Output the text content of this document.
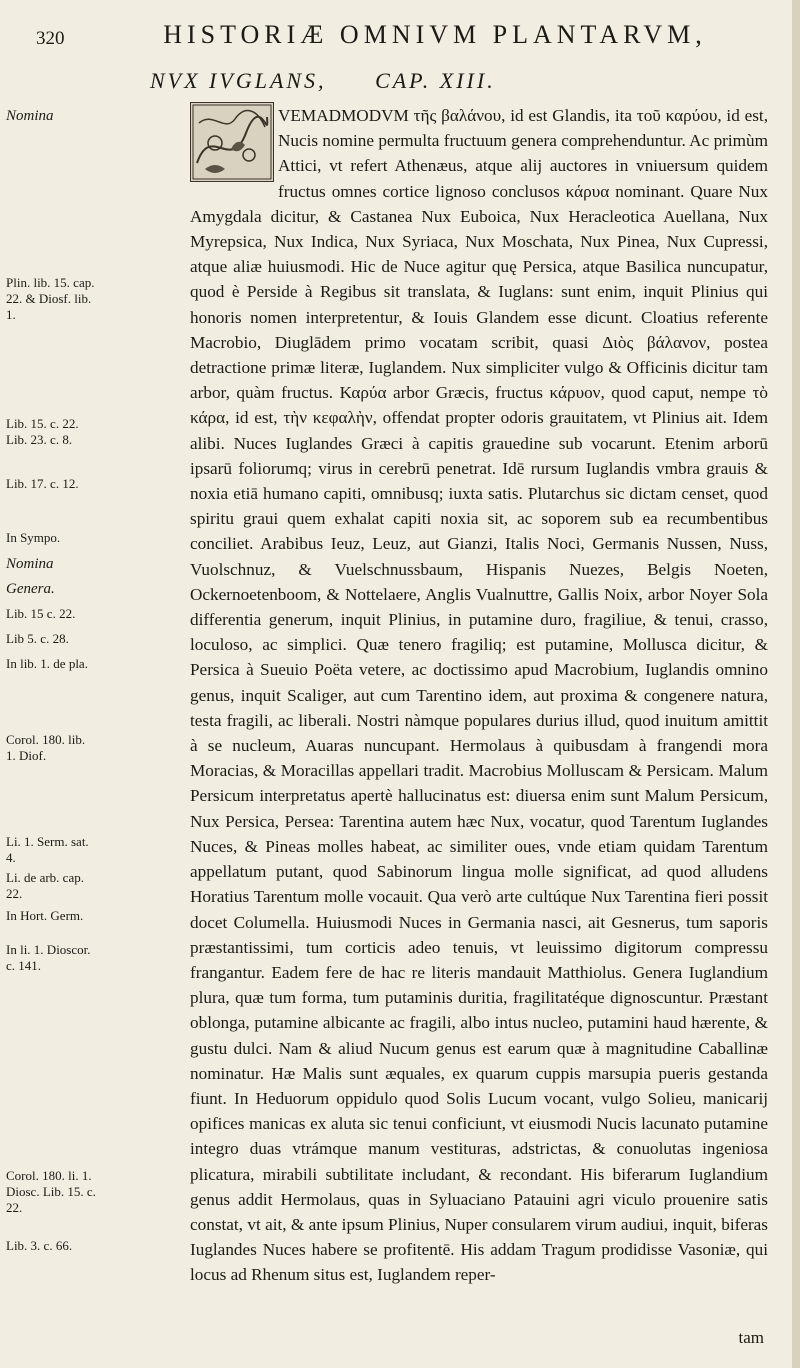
320	HISTORIÆ OMNIVM PLANTARVM,
NVX IVGLANS, CAP. XIII.
Nomina
Plin. lib. 15. cap. 22. & Diosf. lib. 1.
Lib. 15. c. 22. Lib. 23. c. 8.
Lib. 17. c. 12.
In Sympo.
Nomina
Genera.
Lib. 15 c. 22.
Lib 5. c. 28.
In lib. 1. de pla.
Corol. 180. lib. 1. Diof.
Li. 1. Serm. sat. 4.
Li. de arb. cap. 22.
In Hort. Germ.
In li. 1. Dioscor. c. 141.
Corol. 180. li. 1. Diosc. Lib. 15. c. 22.
Lib. 3. c. 66.

VEMADMODVM τῆς βαλάνου, id est Glandis, ita τοῦ καρύου, id est, Nucis nomine permulta fructuum genera comprehenduntur. Ac primùm Attici, vt refert Athenæus, atque alij auctores in vniuersum quidem fructus omnes cortice lignoso conclusos κάρυα nominant. Quare Nux Amygdala dicitur, & Castanea Nux Euboica, Nux Heracleotica Auellana, Nux Myrepsica, Nux Indica, Nux Syriaca, Nux Moschata, Nux Pinea, Nux Cupressi, atque aliæ huiusmodi. Hic de Nuce agitur quę Persica, atque Basilica nuncupatur, quod è Perside à Regibus sit translata, & Iuglans: sunt enim, inquit Plinius qui honoris nomen interpretentur, & Iouis Glandem esse dicunt. Cloatius referente Macrobio, Diuglādem primo vocatam scribit, quasi Διὸς βάλανον, postea detractione primæ literæ, Iuglandem. Nux simpliciter vulgo & Officinis dicitur tam arbor, quàm fructus. Καρύα arbor Græcis, fructus κάρυον, quod caput, nempe τὸ κάρα, id est, τὴν κεφαλὴν, offendat propter odoris grauitatem, vt Plinius ait. Idem alibi. Nuces Iuglandes Græci à capitis grauedine sub vocarunt. Etenim arborū ipsarū foliorumq; virus in cerebrū penetrat. Idē rursum Iuglandis vmbra grauis & noxia etiā humano capiti, omnibusq; iuxta satis. Plutarchus sic dictam censet, quod spiritu graui quem exhalat capiti noxia sit, ac soporem sub ea recumbentibus conciliet. Arabibus Ieuz, Leuz, aut Gianzi, Italis Noci, Germanis Nussen, Nuss, Vuolschnuz, & Vuelschnussbaum, Hispanis Nuezes, Belgis Noeten, Ockernoetenboom, & Nottelaere, Anglis Vualnuttre, Gallis Noix, arbor Noyer Sola differentia generum, inquit Plinius, in putamine duro, fragiliue, & tenui, crasso, loculoso, ac simplici. Quæ tenero fragiliq; est putamine, Mollusca dicitur, & Persica à Sueuio Poëta vetere, ac doctissimo apud Macrobium, Iuglandis omnino genus, inquit Scaliger, aut cum Tarentino idem, aut proxima & congenere natura, testa fragili, ac liberali. Nostri nàmque populares durius illud, quod inuitum amittit à se nucleum, Auaras nuncupant. Hermolaus à quibusdam à frangendi mora Moracias, & Moracillas appellari tradit. Macrobius Molluscam & Persicam. Malum Persicum interpretatus apertè hallucinatus est: diuersa enim sunt Malum Persicum, Nux Persica, Persea: Tarentina autem hæc Nux, vocatur, quod Tarentum Iuglandes Nuces, & Pineas molles habeat, ac similiter oues, vnde etiam quidam Tarentum appellatum putant, quod Sabinorum lingua molle significat, ad quod alludens Horatius Tarentum molle vocauit. Qua verò arte cultúque Nux Tarentina fieri possit docet Columella. Huiusmodi Nuces in Germania nasci, ait Gesnerus, tum saporis præstantissimi, tum corticis adeo tenuis, vt leuissimo digitorum compressu frangantur. Eadem fere de hac re literis mandauit Matthiolus. Genera Iuglandium plura, quæ tum forma, tum putaminis duritia, fragilitatéque dignoscuntur. Præstant oblonga, putamine albicante ac fragili, albo intus nucleo, putamini haud hærente, & gustu dulci. Nam & aliud Nucum genus est earum quæ à magnitudine Caballinæ nominatur. Hæ Malis sunt æquales, ex quarum cuppis marsupia pueris gestanda fiunt. In Heduorum oppidulo quod Solis Lucum vocant, vulgo Solieu, manicarij opifices manicas ex aluta sic tenui conficiunt, vt eiusmodi Nucis lacunato putamine integro duas vtrámque manum vestituras, adstrictas, & conuolutas ingeniosa plicatura, mirabili subtilitate includant, & recondant. His biferarum Iuglandium genus addit Hermolaus, quas in Syluaciano Patauini agri viculo prouenire satis constat, vt ait, & ante ipsum Plinius, Nuper consularem virum audiui, inquit, biferas Iuglandes Nuces habere se profitentē. His addam Tragum prodidisse Vasoniæ, qui locus ad Rhenum situs est, Iuglandem reper-

tam
